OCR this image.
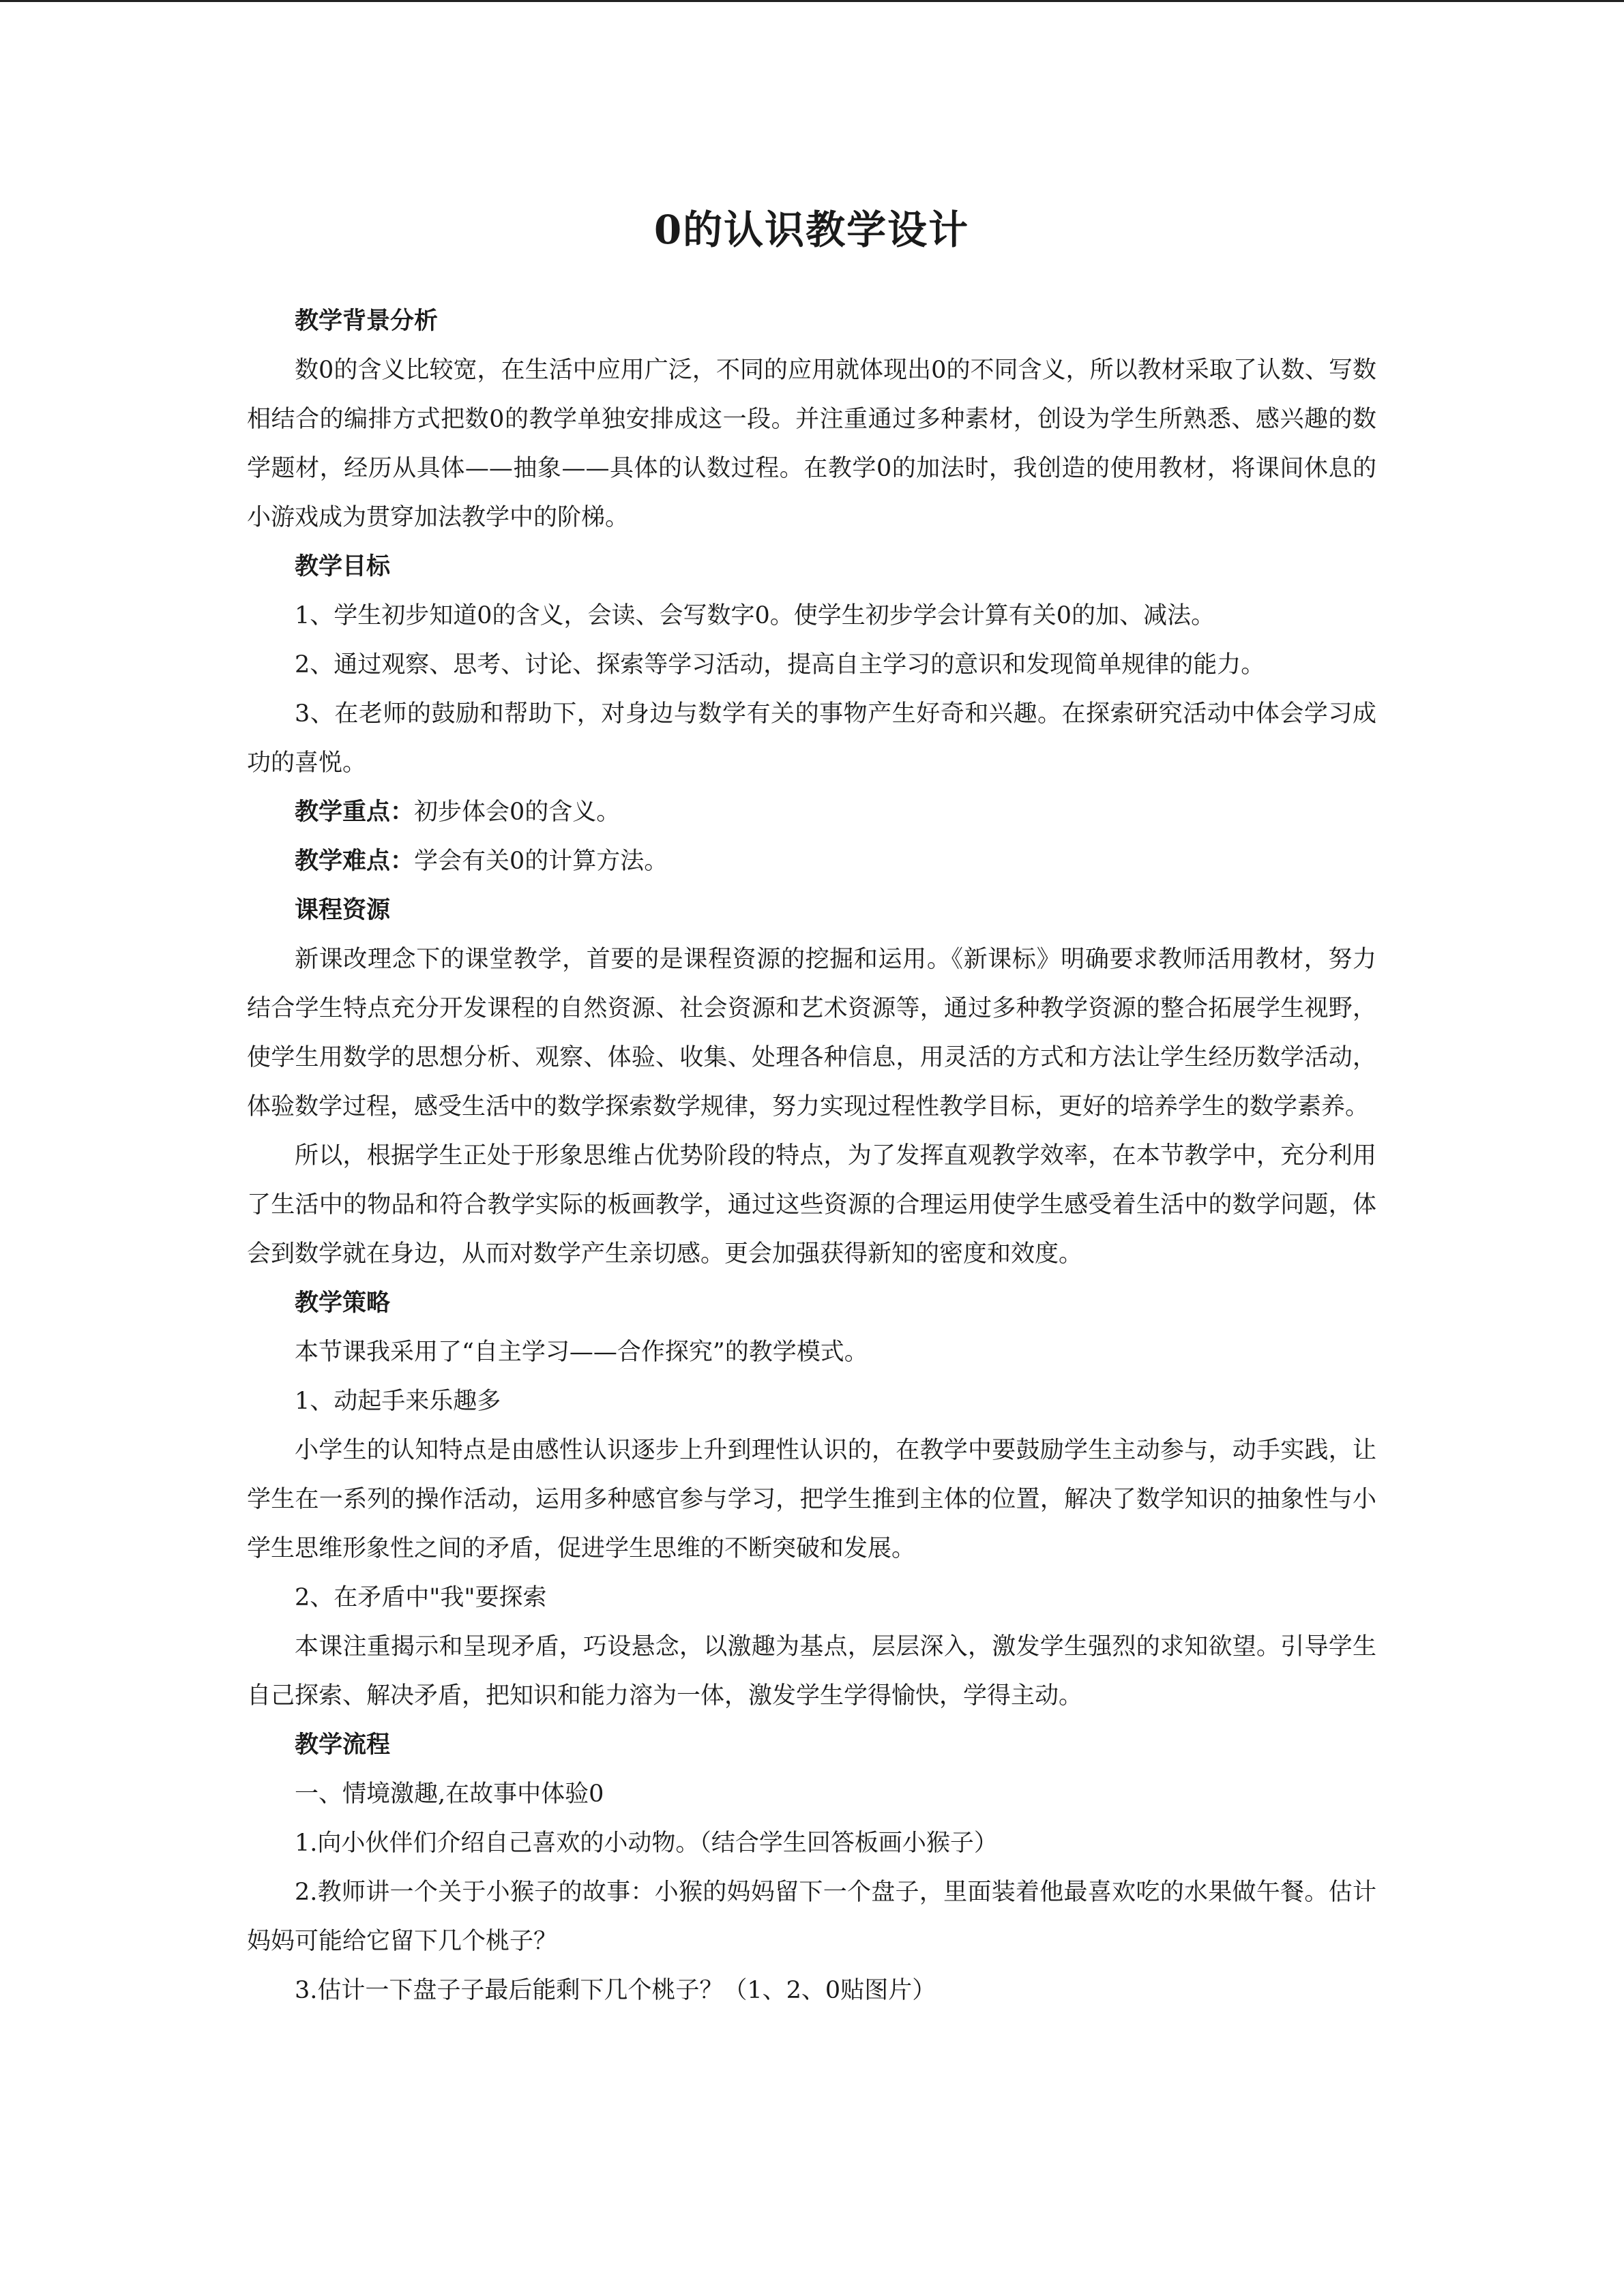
0的认识教学设计

教学背景分析

数0的含义比较宽，在生活中应用广泛，不同的应用就体现出0的不同含义，所以教材采取了认数、写数相结合的编排方式把数0的教学单独安排成这一段。并注重通过多种素材，创设为学生所熟悉、感兴趣的数学题材，经历从具体——抽象——具体的认数过程。在教学0的加法时，我创造的使用教材，将课间休息的小游戏成为贯穿加法教学中的阶梯。

教学目标

1、学生初步知道0的含义，会读、会写数字0。使学生初步学会计算有关0的加、减法。

2、通过观察、思考、讨论、探索等学习活动，提高自主学习的意识和发现简单规律的能力。

3、在老师的鼓励和帮助下，对身边与数学有关的事物产生好奇和兴趣。在探索研究活动中体会学习成功的喜悦。

教学重点：初步体会0的含义。

教学难点：学会有关0的计算方法。

课程资源

新课改理念下的课堂教学，首要的是课程资源的挖掘和运用。《新课标》明确要求教师活用教材，努力结合学生特点充分开发课程的自然资源、社会资源和艺术资源等，通过多种教学资源的整合拓展学生视野，使学生用数学的思想分析、观察、体验、收集、处理各种信息，用灵活的方式和方法让学生经历数学活动，体验数学过程，感受生活中的数学探索数学规律，努力实现过程性教学目标，更好的培养学生的数学素养。

所以，根据学生正处于形象思维占优势阶段的特点，为了发挥直观教学效率，在本节教学中，充分利用了生活中的物品和符合教学实际的板画教学，通过这些资源的合理运用使学生感受着生活中的数学问题，体会到数学就在身边，从而对数学产生亲切感。更会加强获得新知的密度和效度。

教学策略

本节课我采用了“自主学习——合作探究”的教学模式。

1、动起手来乐趣多

小学生的认知特点是由感性认识逐步上升到理性认识的，在教学中要鼓励学生主动参与，动手实践，让学生在一系列的操作活动，运用多种感官参与学习，把学生推到主体的位置，解决了数学知识的抽象性与小学生思维形象性之间的矛盾，促进学生思维的不断突破和发展。

2、在矛盾中"我"要探索

本课注重揭示和呈现矛盾，巧设悬念，以激趣为基点，层层深入，激发学生强烈的求知欲望。引导学生自己探索、解决矛盾，把知识和能力溶为一体，激发学生学得愉快，学得主动。

教学流程

一、情境激趣,在故事中体验0

1.向小伙伴们介绍自己喜欢的小动物。（结合学生回答板画小猴子）

2.教师讲一个关于小猴子的故事：小猴的妈妈留下一个盘子，里面装着他最喜欢吃的水果做午餐。估计妈妈可能给它留下几个桃子？

3.估计一下盘子子最后能剩下几个桃子？（1、2、0贴图片）
